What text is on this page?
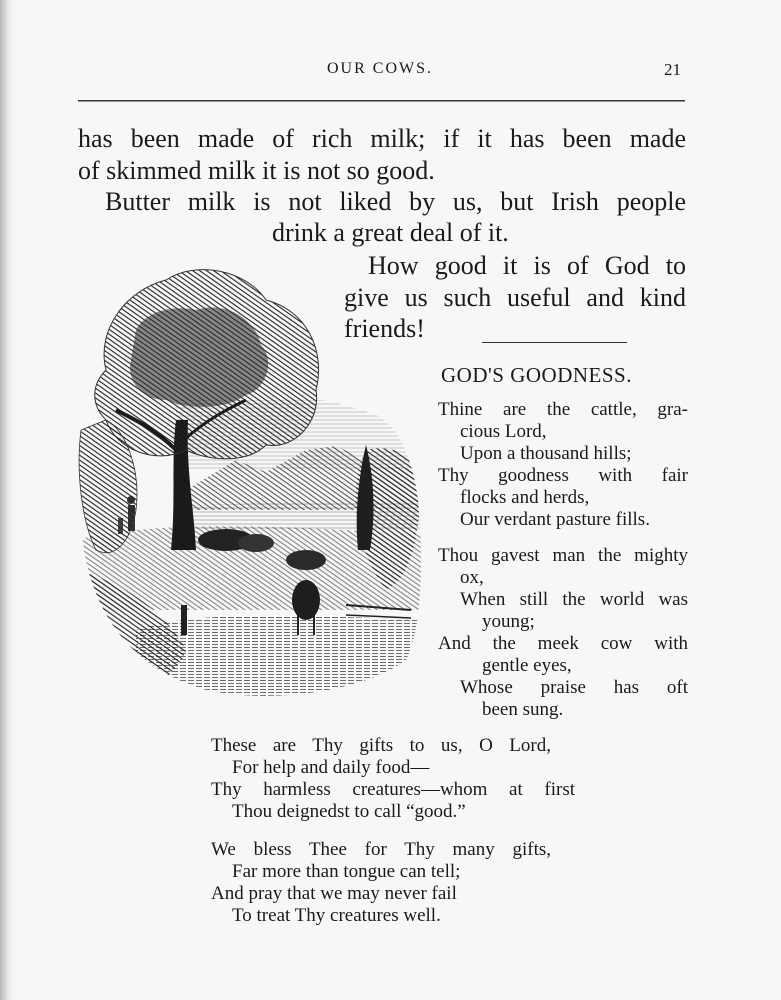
OUR COWS.	21
has been made of rich milk; if it has been made
of skimmed milk it is not so good.
Butter milk is not liked by us, but Irish people
drink a great deal of it.
How good it is of God to
give us such useful and kind
friends!
GOD'S GOODNESS.
Thine are the cattle, gra-
cious Lord,
Upon a thousand hills;
Thy goodness with fair
flocks and herds,
Our verdant pasture fills.
Thou gavest man the mighty
ox,
When still the world was
young;
And the meek cow with
gentle eyes,
Whose praise has oft
been sung.
These are Thy gifts to us, O Lord,
For help and daily food—
Thy harmless creatures—whom at first
Thou deignedst to call “good.”
We bless Thee for Thy many gifts,
Far more than tongue can tell;
And pray that we may never fail
To treat Thy creatures well.
